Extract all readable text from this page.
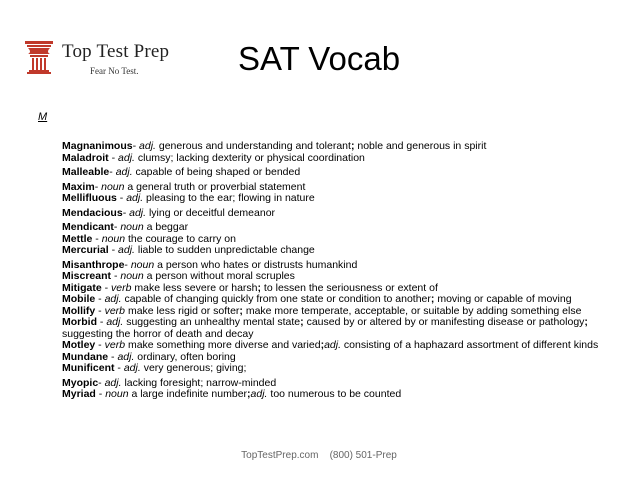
Top Test Prep
Fear No Test.	SAT Vocab
M
Magnanimous- adj. generous and understanding and tolerant; noble and generous in spirit
Maladroit - adj. clumsy; lacking dexterity or physical coordination
Malleable- adj. capable of being shaped or bended
Maxim- noun a general truth or proverbial statement
Mellifluous - adj. pleasing to the ear; flowing in nature
Mendacious- adj. lying or deceitful demeanor
Mendicant- noun a beggar
Mettle - noun the courage to carry on
Mercurial - adj. liable to sudden unpredictable change
Misanthrope- noun a person who hates or distrusts humankind
Miscreant - noun a person without moral scruples
Mitigate - verb make less severe or harsh; to lessen the seriousness or extent of
Mobile - adj. capable of changing quickly from one state or condition to another; moving or capable of moving
Mollify - verb make less rigid or softer; make more temperate, acceptable, or suitable by adding something else
Morbid - adj. suggesting an unhealthy mental state; caused by or altered by or manifesting disease or pathology; suggesting the horror of death and decay
Motley - verb make something more diverse and varied;adj. consisting of a haphazard assortment of different kinds
Mundane - adj. ordinary, often boring
Munificent - adj. very generous; giving;
Myopic- adj. lacking foresight; narrow-minded
Myriad - noun a large indefinite number;adj. too numerous to be counted
TopTestPrep.com (800) 501-Prep
